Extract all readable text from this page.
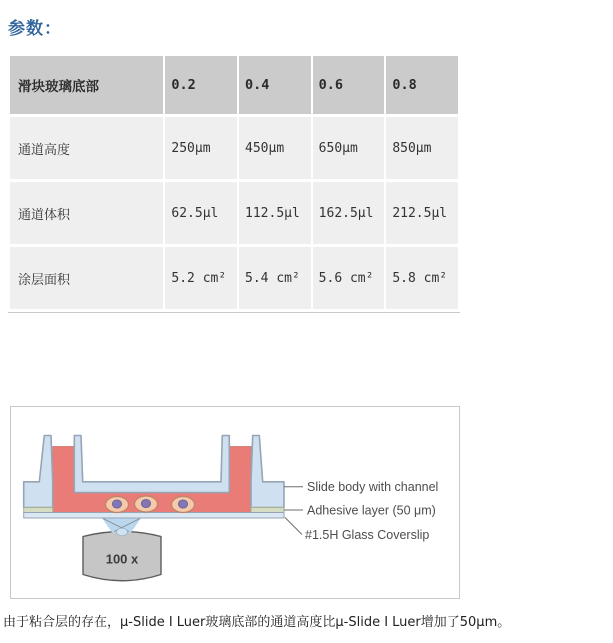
参数：
滑块玻璃底部	0.2	0.4	0.6	0.8
通道高度	250μm	450μm	650μm	850μm
通道体积	62.5μl	112.5μl	162.5μl	212.5μl
涂层面积	5.2 cm²	5.4 cm²	5.6 cm²	5.8 cm²
100 x
Slide body with channel
Adhesive layer (50 μm)
#1.5H Glass Coverslip
由于粘合层的存在，μ-Slide I Luer玻璃底部的通道高度比μ-Slide I Luer增加了50μm。
